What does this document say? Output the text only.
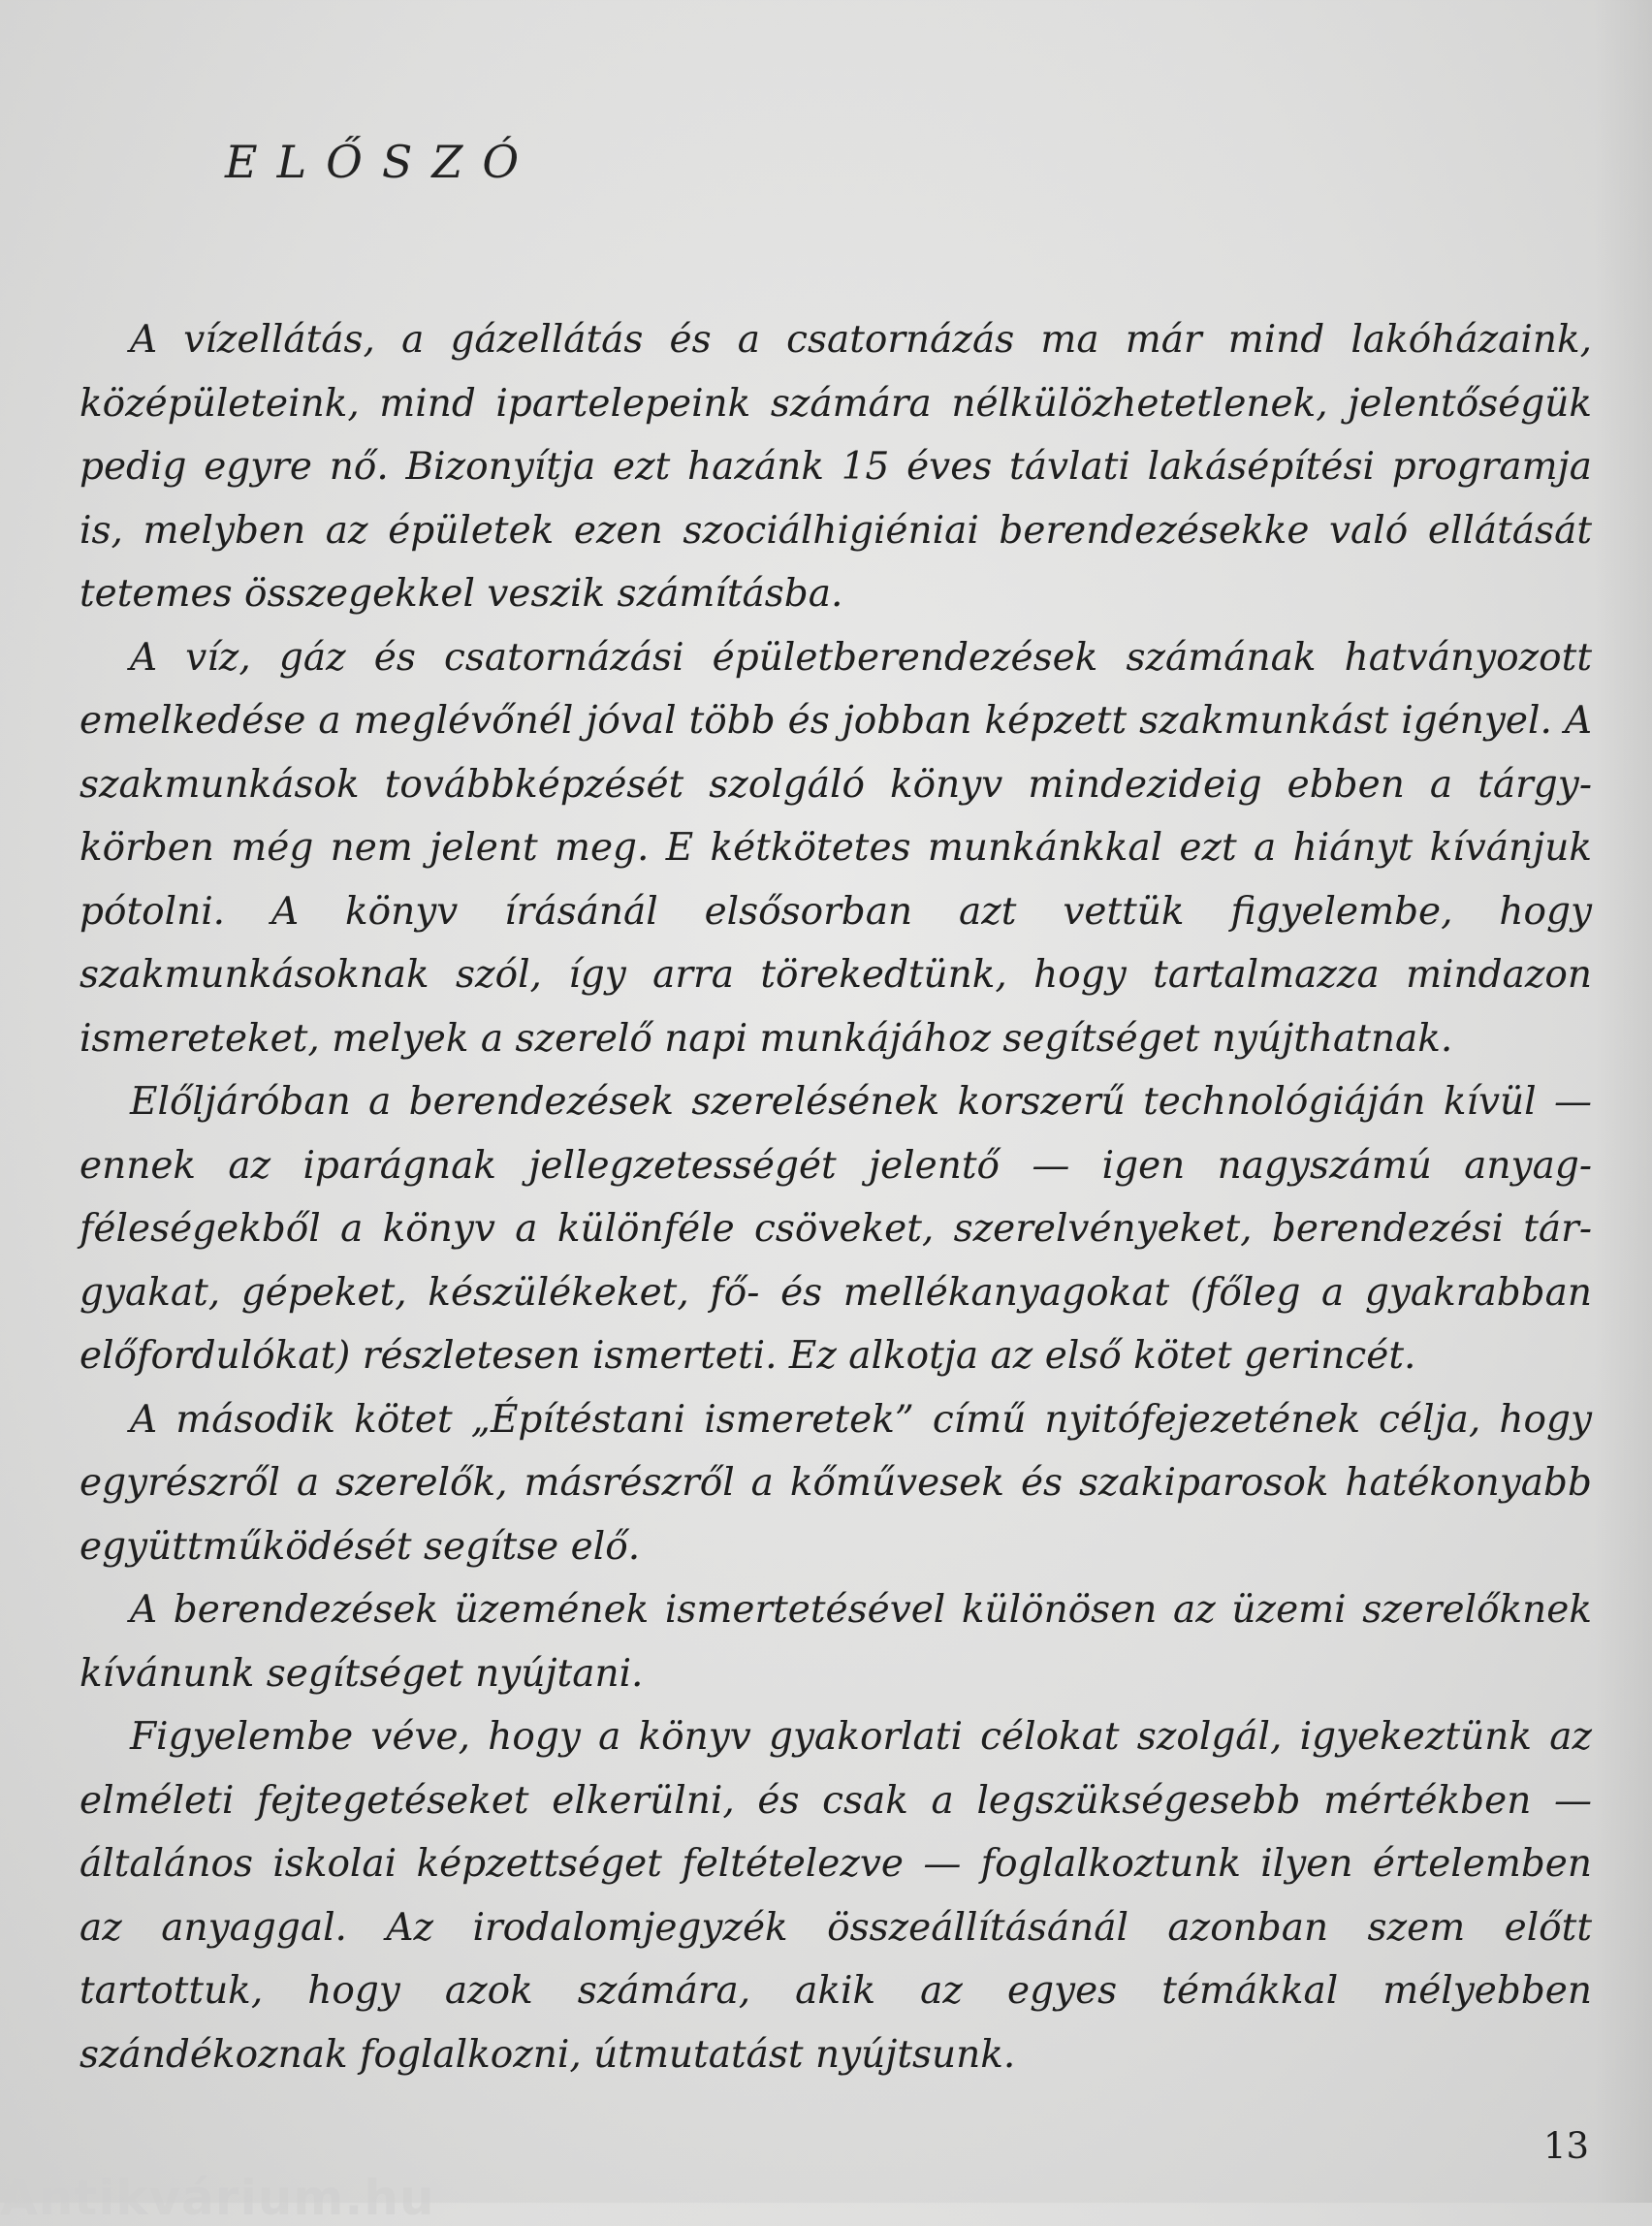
ELŐSZÓ

A vízellátás, a gázellátás és a csatornázás ma már mind lakóházaink, középületeink, mind ipartelepeink számára nélkülözhetetlenek, jelentőségük pedig egyre nő. Bizonyítja ezt hazánk 15 éves távlati lakásépítési programja is, melyben az épületek ezen szociálhigiéniai berendezésekke való ellátását tetemes összegekkel veszik számításba.

A víz, gáz és csatornázási épületberendezések számának hatványozott emelkedése a meglévőnél jóval több és jobban képzett szakmunkást igényel. A szakmunkások továbbképzését szolgáló könyv mindezideig ebben a tárgykörben még nem jelent meg. E kétkötetes munkánkkal ezt a hiányt kívánjuk pótolni. A könyv írásánál elsősorban azt vettük figyelembe, hogy szakmunkásoknak szól, így arra törekedtünk, hogy tartalmazza mindazon ismereteket, melyek a szerelő napi munkájához segítséget nyújthatnak.

Előljáróban a berendezések szerelésének korszerű technológiáján kívül — ennek az iparágnak jellegzetességét jelentő — igen nagyszámú anyagféleségekből a könyv a különféle csöveket, szerelvényeket, berendezési tárgyakat, gépeket, készülékeket, fő- és mellékanyagokat (főleg a gyakrabban előfordulókat) részletesen ismerteti. Ez alkotja az első kötet gerincét.

A második kötet „Építéstani ismeretek” című nyitófejezetének célja, hogy egyrészről a szerelők, másrészről a kőművesek és szakiparosok hatékonyabb együttműködését segítse elő.

A berendezések üzemének ismertetésével különösen az üzemi szerelőknek kívánunk segítséget nyújtani.

Figyelembe véve, hogy a könyv gyakorlati célokat szolgál, igyekeztünk az elméleti fejtegetéseket elkerülni, és csak a legszükségesebb mértékben — általános iskolai képzettséget feltételezve — foglalkoztunk ilyen értelemben az anyaggal. Az irodalomjegyzék összeállításánál azonban szem előtt tartottuk, hogy azok számára, akik az egyes témákkal mélyebben szándékoznak foglalkozni, útmutatást nyújtsunk.

13

Antikvárium.hu
